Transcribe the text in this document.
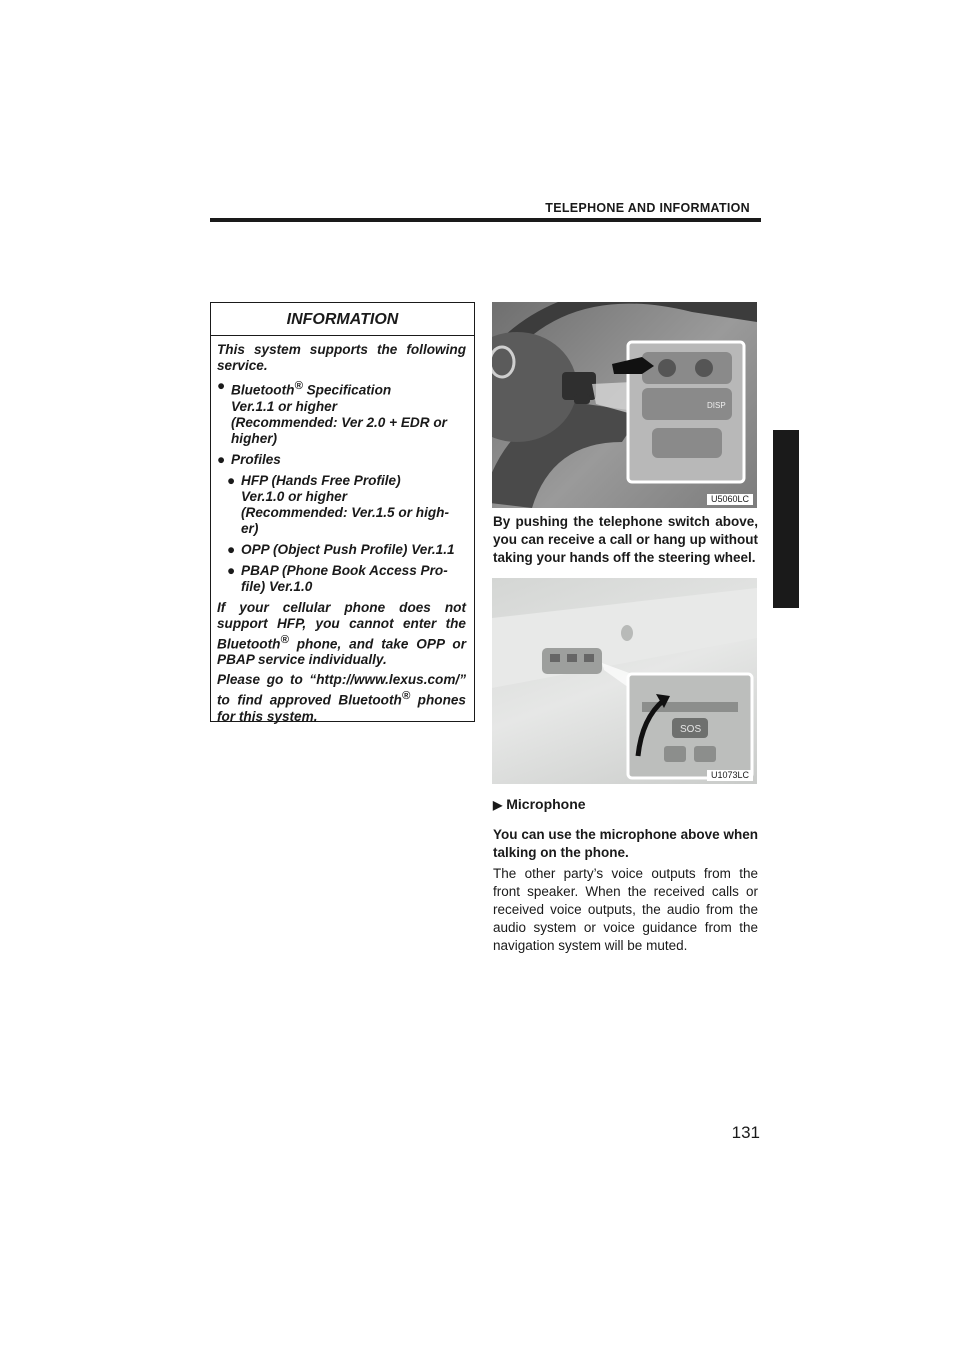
TELEPHONE AND INFORMATION
INFORMATION

This system supports the following service.

● Bluetooth® Specification
Ver.1.1 or higher
(Recommended: Ver 2.0 + EDR or higher)
● Profiles
● HFP (Hands Free Profile)
Ver.1.0 or higher
(Recommended: Ver.1.5 or high-er)
● OPP (Object Push Profile) Ver.1.1
● PBAP (Phone Book Access Pro-file) Ver.1.0

If your cellular phone does not support HFP, you cannot enter the Bluetooth® phone, and take OPP or PBAP service individually.

Please go to “http://www.lexus.com/” to find approved Bluetooth® phones for this system.

DISP
U5060LC
By pushing the telephone switch above, you can receive a call or hang up without taking your hands off the steering wheel.
SOS
U1073LC
▶ Microphone
You can use the microphone above when talking on the phone.
The other party’s voice outputs from the front speaker. When the received calls or received voice outputs, the audio from the audio system or voice guidance from the navigation system will be muted.
131
